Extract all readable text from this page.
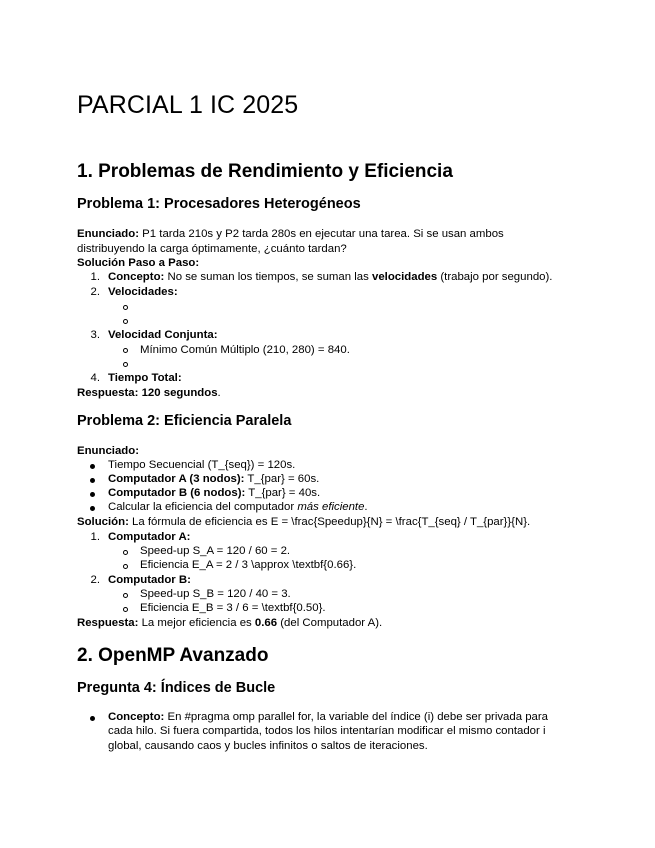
PARCIAL 1 IC 2025
1. Problemas de Rendimiento y Eficiencia
Problema 1: Procesadores Heterogéneos

Enunciado: P1 tarda 210s y P2 tarda 280s en ejecutar una tarea. Si se usan ambos

distribuyendo la carga óptimamente, ¿cuánto tardan?

Solución Paso a Paso:

1. Concepto: No se suman los tiempos, se suman las velocidades (trabajo por segundo).

2. Velocidades:

3. Velocidad Conjunta:

Mínimo Común Múltiplo (210, 280) = 840.

4. Tiempo Total:

Respuesta: 120 segundos.

Problema 2: Eficiencia Paralela

Enunciado:

Tiempo Secuencial (T_{seq}) = 120s.

Computador A (3 nodos): T_{par} = 60s.

Computador B (6 nodos): T_{par} = 40s.

Calcular la eficiencia del computador más eficiente.

Solución: La fórmula de eficiencia es E = \frac{Speedup}{N} = \frac{T_{seq} / T_{par}}{N}.

1. Computador A:

Speed-up S_A = 120 / 60 = 2.

Eficiencia E_A = 2 / 3 \approx \textbf{0.66}.

2. Computador B:

Speed-up S_B = 120 / 40 = 3.

Eficiencia E_B = 3 / 6 = \textbf{0.50}.

Respuesta: La mejor eficiencia es 0.66 (del Computador A).

2. OpenMP Avanzado
Pregunta 4: Índices de Bucle

Concepto: En #pragma omp parallel for, la variable del índice (i) debe ser privada para

cada hilo. Si fuera compartida, todos los hilos intentarían modificar el mismo contador i

global, causando caos y bucles infinitos o saltos de iteraciones.
